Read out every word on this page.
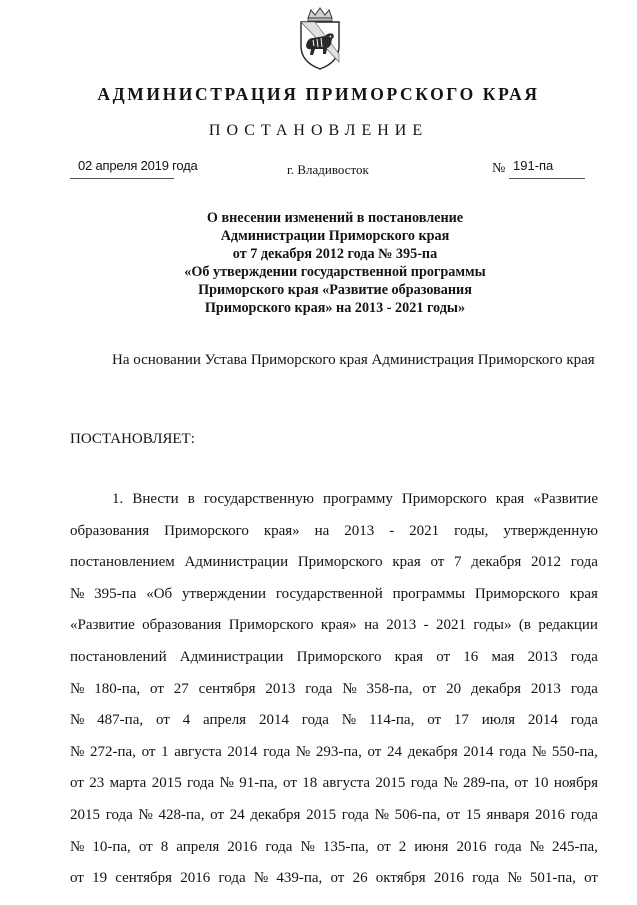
АДМИНИСТРАЦИЯ ПРИМОРСКОГО КРАЯ
ПОСТАНОВЛЕНИЕ
02 апреля 2019 года	г. Владивосток	№ 191-па
О внесении изменений в постановление
Администрации Приморского края
от 7 декабря 2012 года № 395-па
«Об утверждении государственной программы
Приморского края «Развитие образования
Приморского края» на 2013 - 2021 годы»
На основании Устава Приморского края Администрация Приморского края
ПОСТАНОВЛЯЕТ:
1. Внести в государственную программу Приморского края «Развитие
образования Приморского края» на 2013 - 2021 годы, утвержденную
постановлением Администрации Приморского края от 7 декабря 2012 года
№ 395-па «Об утверждении государственной программы Приморского края
«Развитие образования Приморского края» на 2013 - 2021 годы» (в редакции
постановлений Администрации Приморского края от 16 мая 2013 года
№ 180-па, от 27 сентября 2013 года № 358-па, от 20 декабря 2013 года
№ 487-па, от 4 апреля 2014 года № 114-па, от 17 июля 2014 года
№ 272-па, от 1 августа 2014 года № 293-па, от 24 декабря 2014 года № 550-па,
от 23 марта 2015 года № 91-па, от 18 августа 2015 года № 289-па, от 10 ноября
2015 года № 428-па, от 24 декабря 2015 года № 506-па, от 15 января 2016 года
№ 10-па, от 8 апреля 2016 года № 135-па, от 2 июня 2016 года № 245-па,
от 19 сентября 2016 года № 439-па, от 26 октября 2016 года № 501-па, от
